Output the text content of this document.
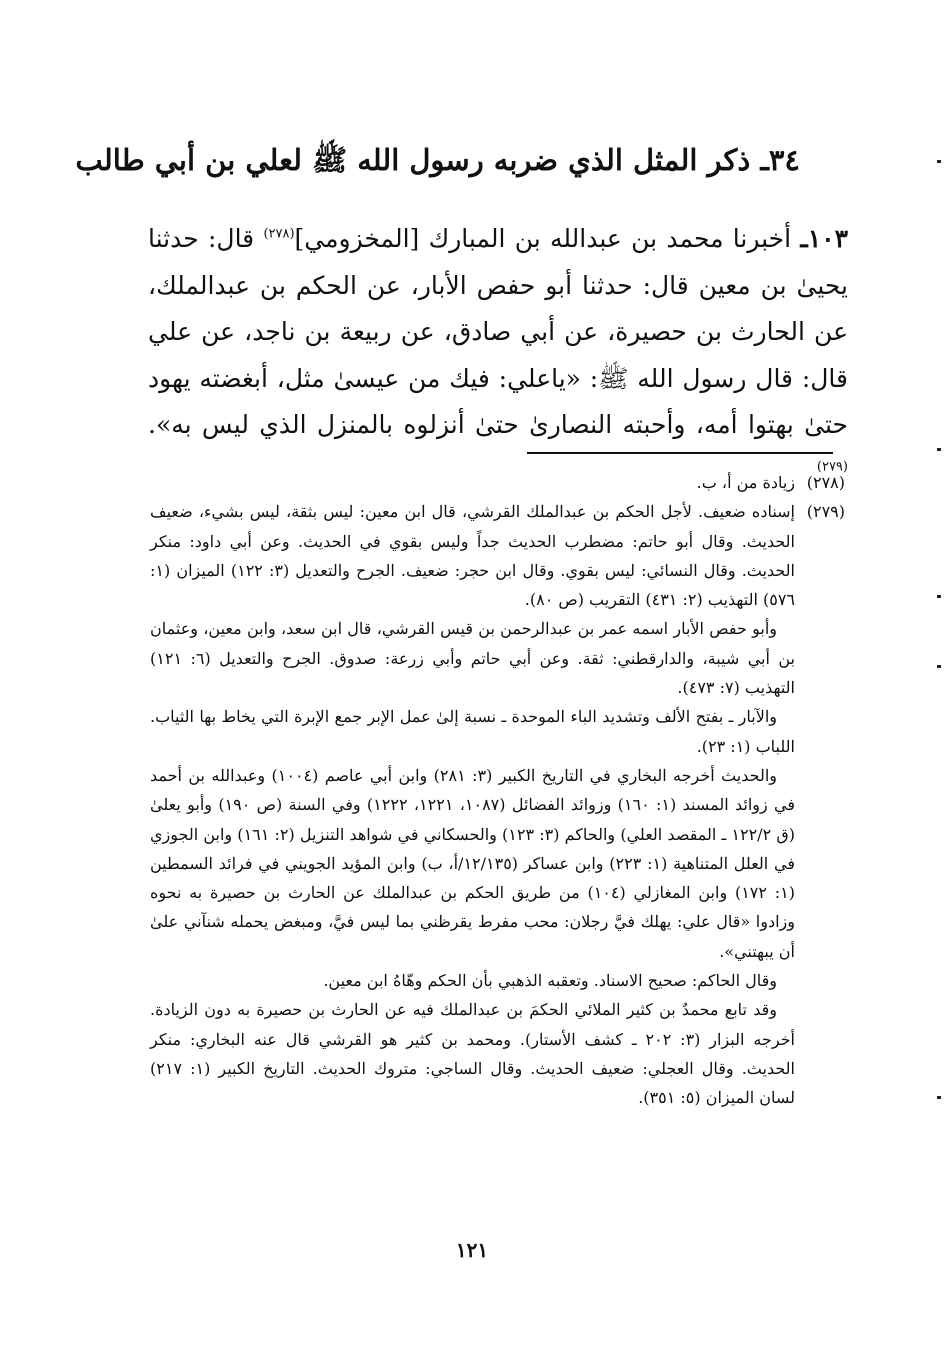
٣٤ـ ذكر المثل الذي ضربه رسول الله ﷺ لعلي بن أبي طالب
١٠٣ـ أخبرنا محمد بن عبدالله بن المبارك [المخزومي]$^{(٢٧٨)}$ قال: حدثنا يحيىٰ بن معين قال: حدثنا أبو حفص الأبار، عن الحكم بن عبدالملك، عن الحارث بن حصيرة، عن أبي صادق، عن ربيعة بن ناجد، عن علي قال: قال رسول الله ﷺ: «ياعلي: فيك من عيسىٰ مثل، أبغضته يهود حتىٰ بهتوا أمه، وأحبته النصارىٰ حتىٰ أنزلوه بالمنزل الذي ليس به». $^{(٢٧٩)}$
(٢٧٨)
زيادة من أ، ب.
(٢٧٩)
إسناده ضعيف. لأجل الحكم بن عبدالملك القرشي، قال ابن معين: ليس بثقة، ليس بشيء، ضعيف الحديث. وقال أبو حاتم: مضطرب الحديث جداً وليس بقوي في الحديث. وعن أبي داود: منكر الحديث. وقال النسائي: ليس بقوي. وقال ابن حجر: ضعيف. الجرح والتعديل (٣: ١٢٢) الميزان (١: ٥٧٦) التهذيب (٢: ٤٣١) التقريب (ص ٨٠).
وأبو حفص الأبار اسمه عمر بن عبدالرحمن بن قيس القرشي، قال ابن سعد، وابن معين، وعثمان بن أبي شيبة، والدارقطني: ثقة. وعن أبي حاتم وأبي زرعة: صدوق. الجرح والتعديل (٦: ١٢١) التهذيب (٧: ٤٧٣).
والآبار ـ بفتح الألف وتشديد الباء الموحدة ـ نسبة إلىٰ عمل الإبر جمع الإبرة التي يخاط بها الثياب. اللباب (١: ٢٣).
والحديث أخرجه البخاري في التاريخ الكبير (٣: ٢٨١) وابن أبي عاصم (١٠٠٤) وعبدالله بن أحمد في زوائد المسند (١: ١٦٠) وزوائد الفضائل (١٠٨٧، ١٢٢١، ١٢٢٢) وفي السنة (ص ١٩٠) وأبو يعلىٰ (ق ١٢٢/٢ ـ المقصد العلي) والحاكم (٣: ١٢٣) والحسكاني في شواهد التنزيل (٢: ١٦١) وابن الجوزي في العلل المتناهية (١: ٢٢٣) وابن عساكر (١٢/١٣٥/أ، ب) وابن المؤيد الجويني في فرائد السمطين (١: ١٧٢) وابن المغازلي (١٠٤) من طريق الحكم بن عبدالملك عن الحارث بن حصيرة به نحوه وزادوا «قال علي: يهلك فيَّ رجلان: محب مفرط يقرظني بما ليس فيَّ، ومبغض يحمله شنآني علىٰ أن يبهتني».
وقال الحاكم: صحيح الاسناد. وتعقبه الذهبي بأن الحكم وهّاهُ ابن معين.
وقد تابع محمدٌ بن كثير الملائي الحكمَ بن عبدالملك فيه عن الحارث بن حصيرة به دون الزيادة. أخرجه البزار (٣: ٢٠٢ ـ كشف الأستار). ومحمد بن كثير هو القرشي قال عنه البخاري: منكر الحديث. وقال العجلي: ضعيف الحديث. وقال الساجي: متروك الحديث. التاريخ الكبير (١: ٢١٧) لسان الميزان (٥: ٣٥١).
١٢١
